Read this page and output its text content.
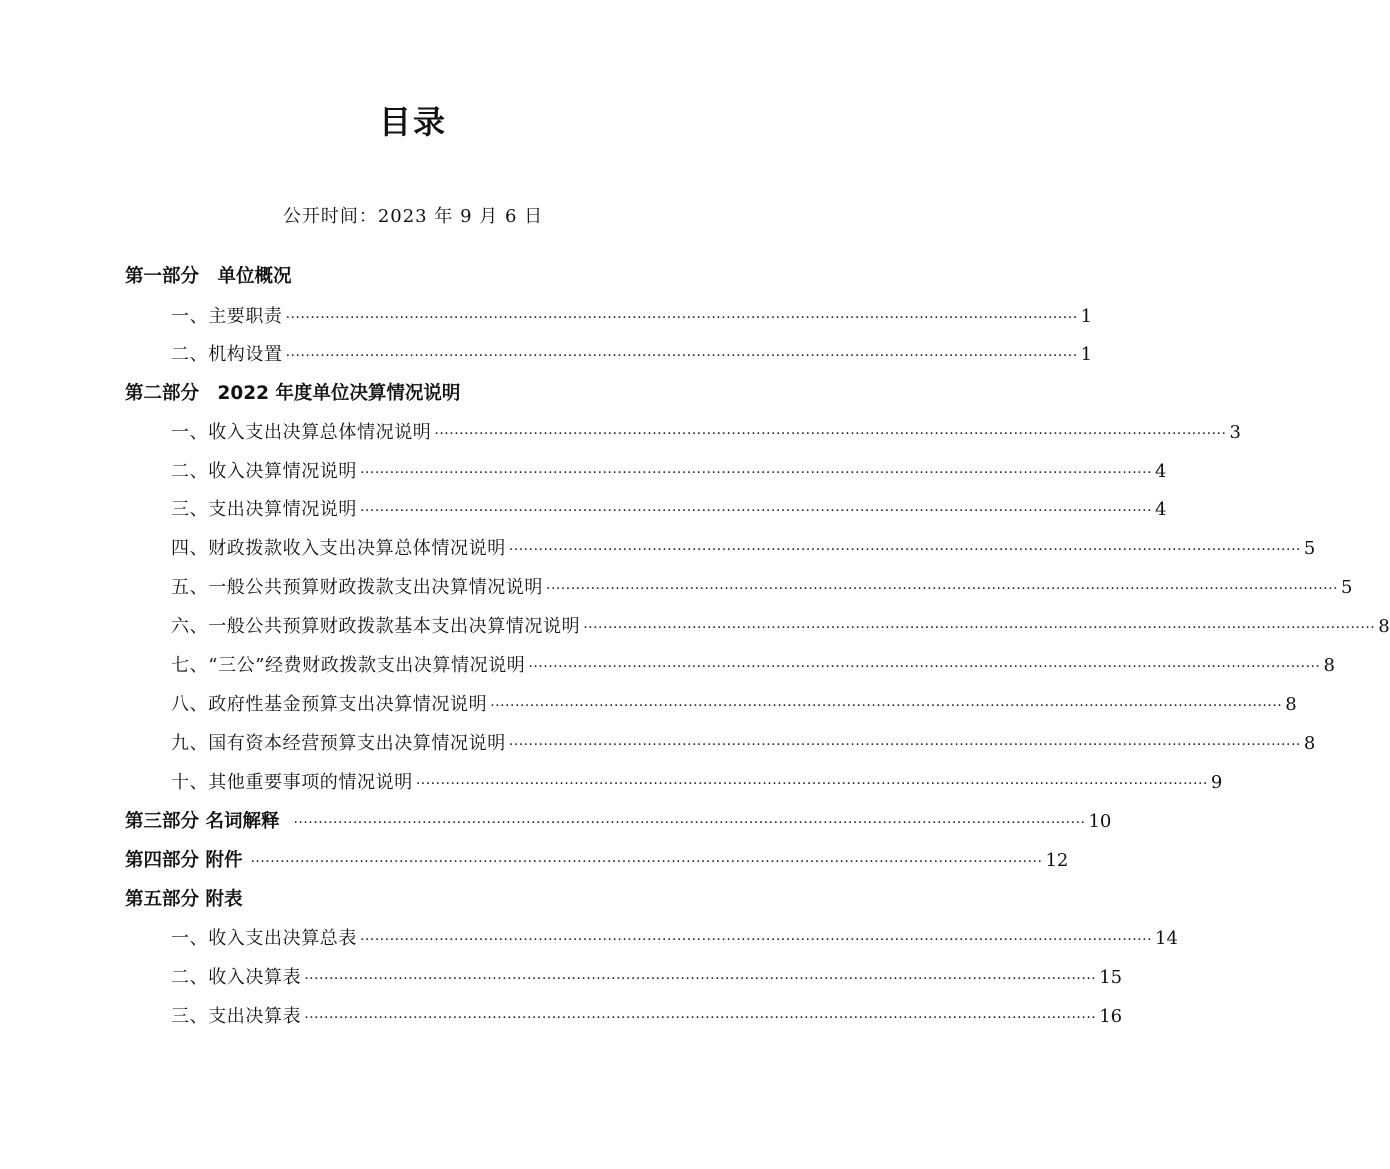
目录
公开时间：2023 年 9 月 6 日
第一部分　单位概况
一、主要职责 ································································································································································ 1
二、机构设置 ································································································································································ 1
第二部分　2022 年度单位决算情况说明
一、收入支出决算总体情况说明 ································································································································································ 3
二、收入决算情况说明 ································································································································································ 4
三、支出决算情况说明 ································································································································································ 4
四、财政拨款收入支出决算总体情况说明 ································································································································································ 5
五、一般公共预算财政拨款支出决算情况说明 ································································································································································ 5
六、一般公共预算财政拨款基本支出决算情况说明 ································································································································································ 8
七、“三公”经费财政拨款支出决算情况说明 ································································································································································ 8
八、政府性基金预算支出决算情况说明 ································································································································································ 8
九、国有资本经营预算支出决算情况说明 ································································································································································ 8
十、其他重要事项的情况说明 ································································································································································ 9
第三部分 名词解释 ································································································································································ 10
第四部分 附件 ································································································································································ 12
第五部分 附表
一、收入支出决算总表 ································································································································································ 14
二、收入决算表 ································································································································································ 15
三、支出决算表 ································································································································································ 16
